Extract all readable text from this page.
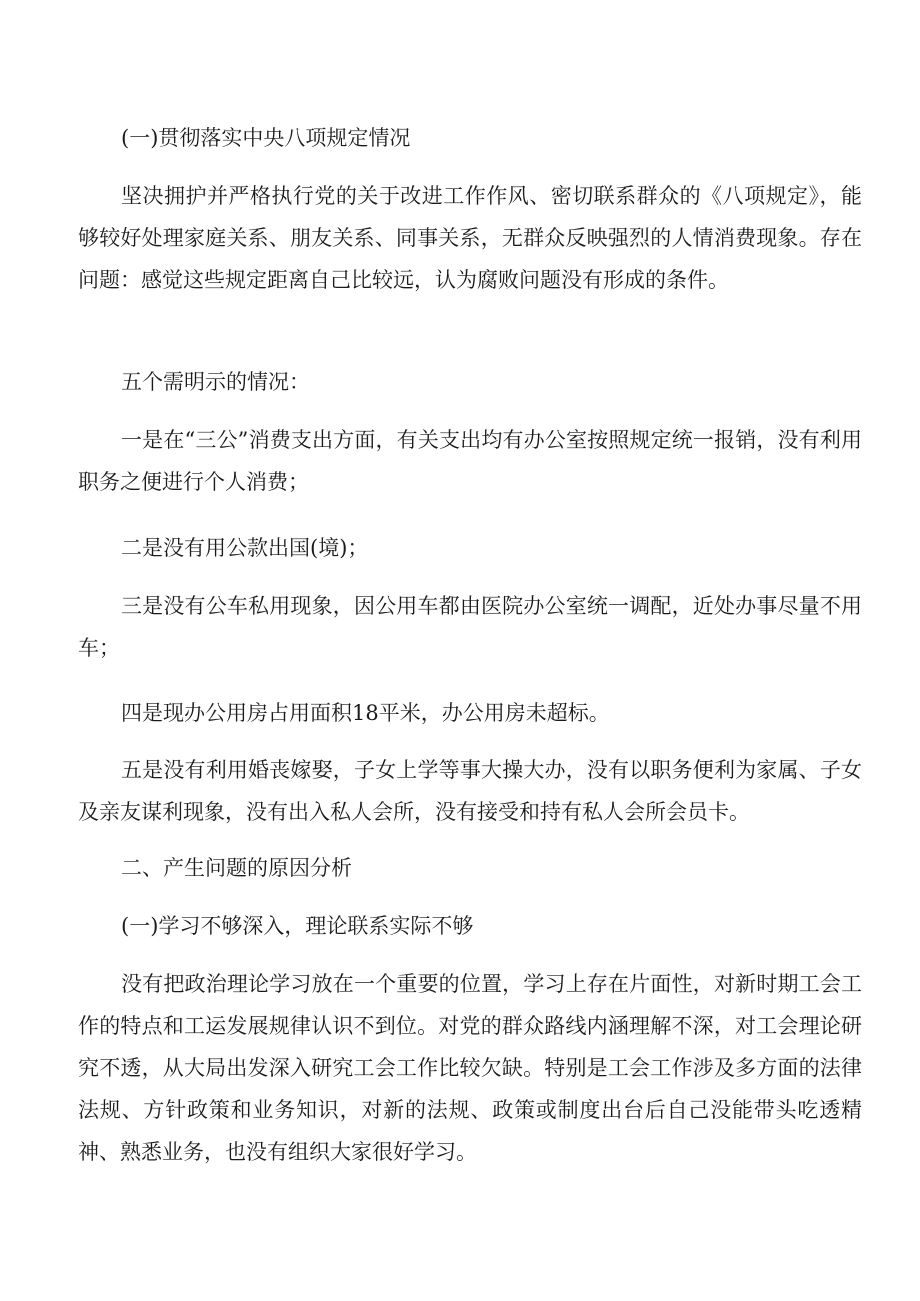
(一)贯彻落实中央八项规定情况

坚决拥护并严格执行党的关于改进工作作风、密切联系群众的《八项规定》，能够较好处理家庭关系、朋友关系、同事关系，无群众反映强烈的人情消费现象。存在问题：感觉这些规定距离自己比较远，认为腐败问题没有形成的条件。

五个需明示的情况：

一是在“三公”消费支出方面，有关支出均有办公室按照规定统一报销，没有利用职务之便进行个人消费；

二是没有用公款出国(境)；

三是没有公车私用现象，因公用车都由医院办公室统一调配，近处办事尽量不用车；

四是现办公用房占用面积18平米，办公用房未超标。

五是没有利用婚丧嫁娶，子女上学等事大操大办，没有以职务便利为家属、子女及亲友谋利现象，没有出入私人会所，没有接受和持有私人会所会员卡。

二、产生问题的原因分析

(一)学习不够深入，理论联系实际不够

没有把政治理论学习放在一个重要的位置，学习上存在片面性，对新时期工会工作的特点和工运发展规律认识不到位。对党的群众路线内涵理解不深，对工会理论研究不透，从大局出发深入研究工会工作比较欠缺。特别是工会工作涉及多方面的法律法规、方针政策和业务知识，对新的法规、政策或制度出台后自己没能带头吃透精神、熟悉业务，也没有组织大家很好学习。
